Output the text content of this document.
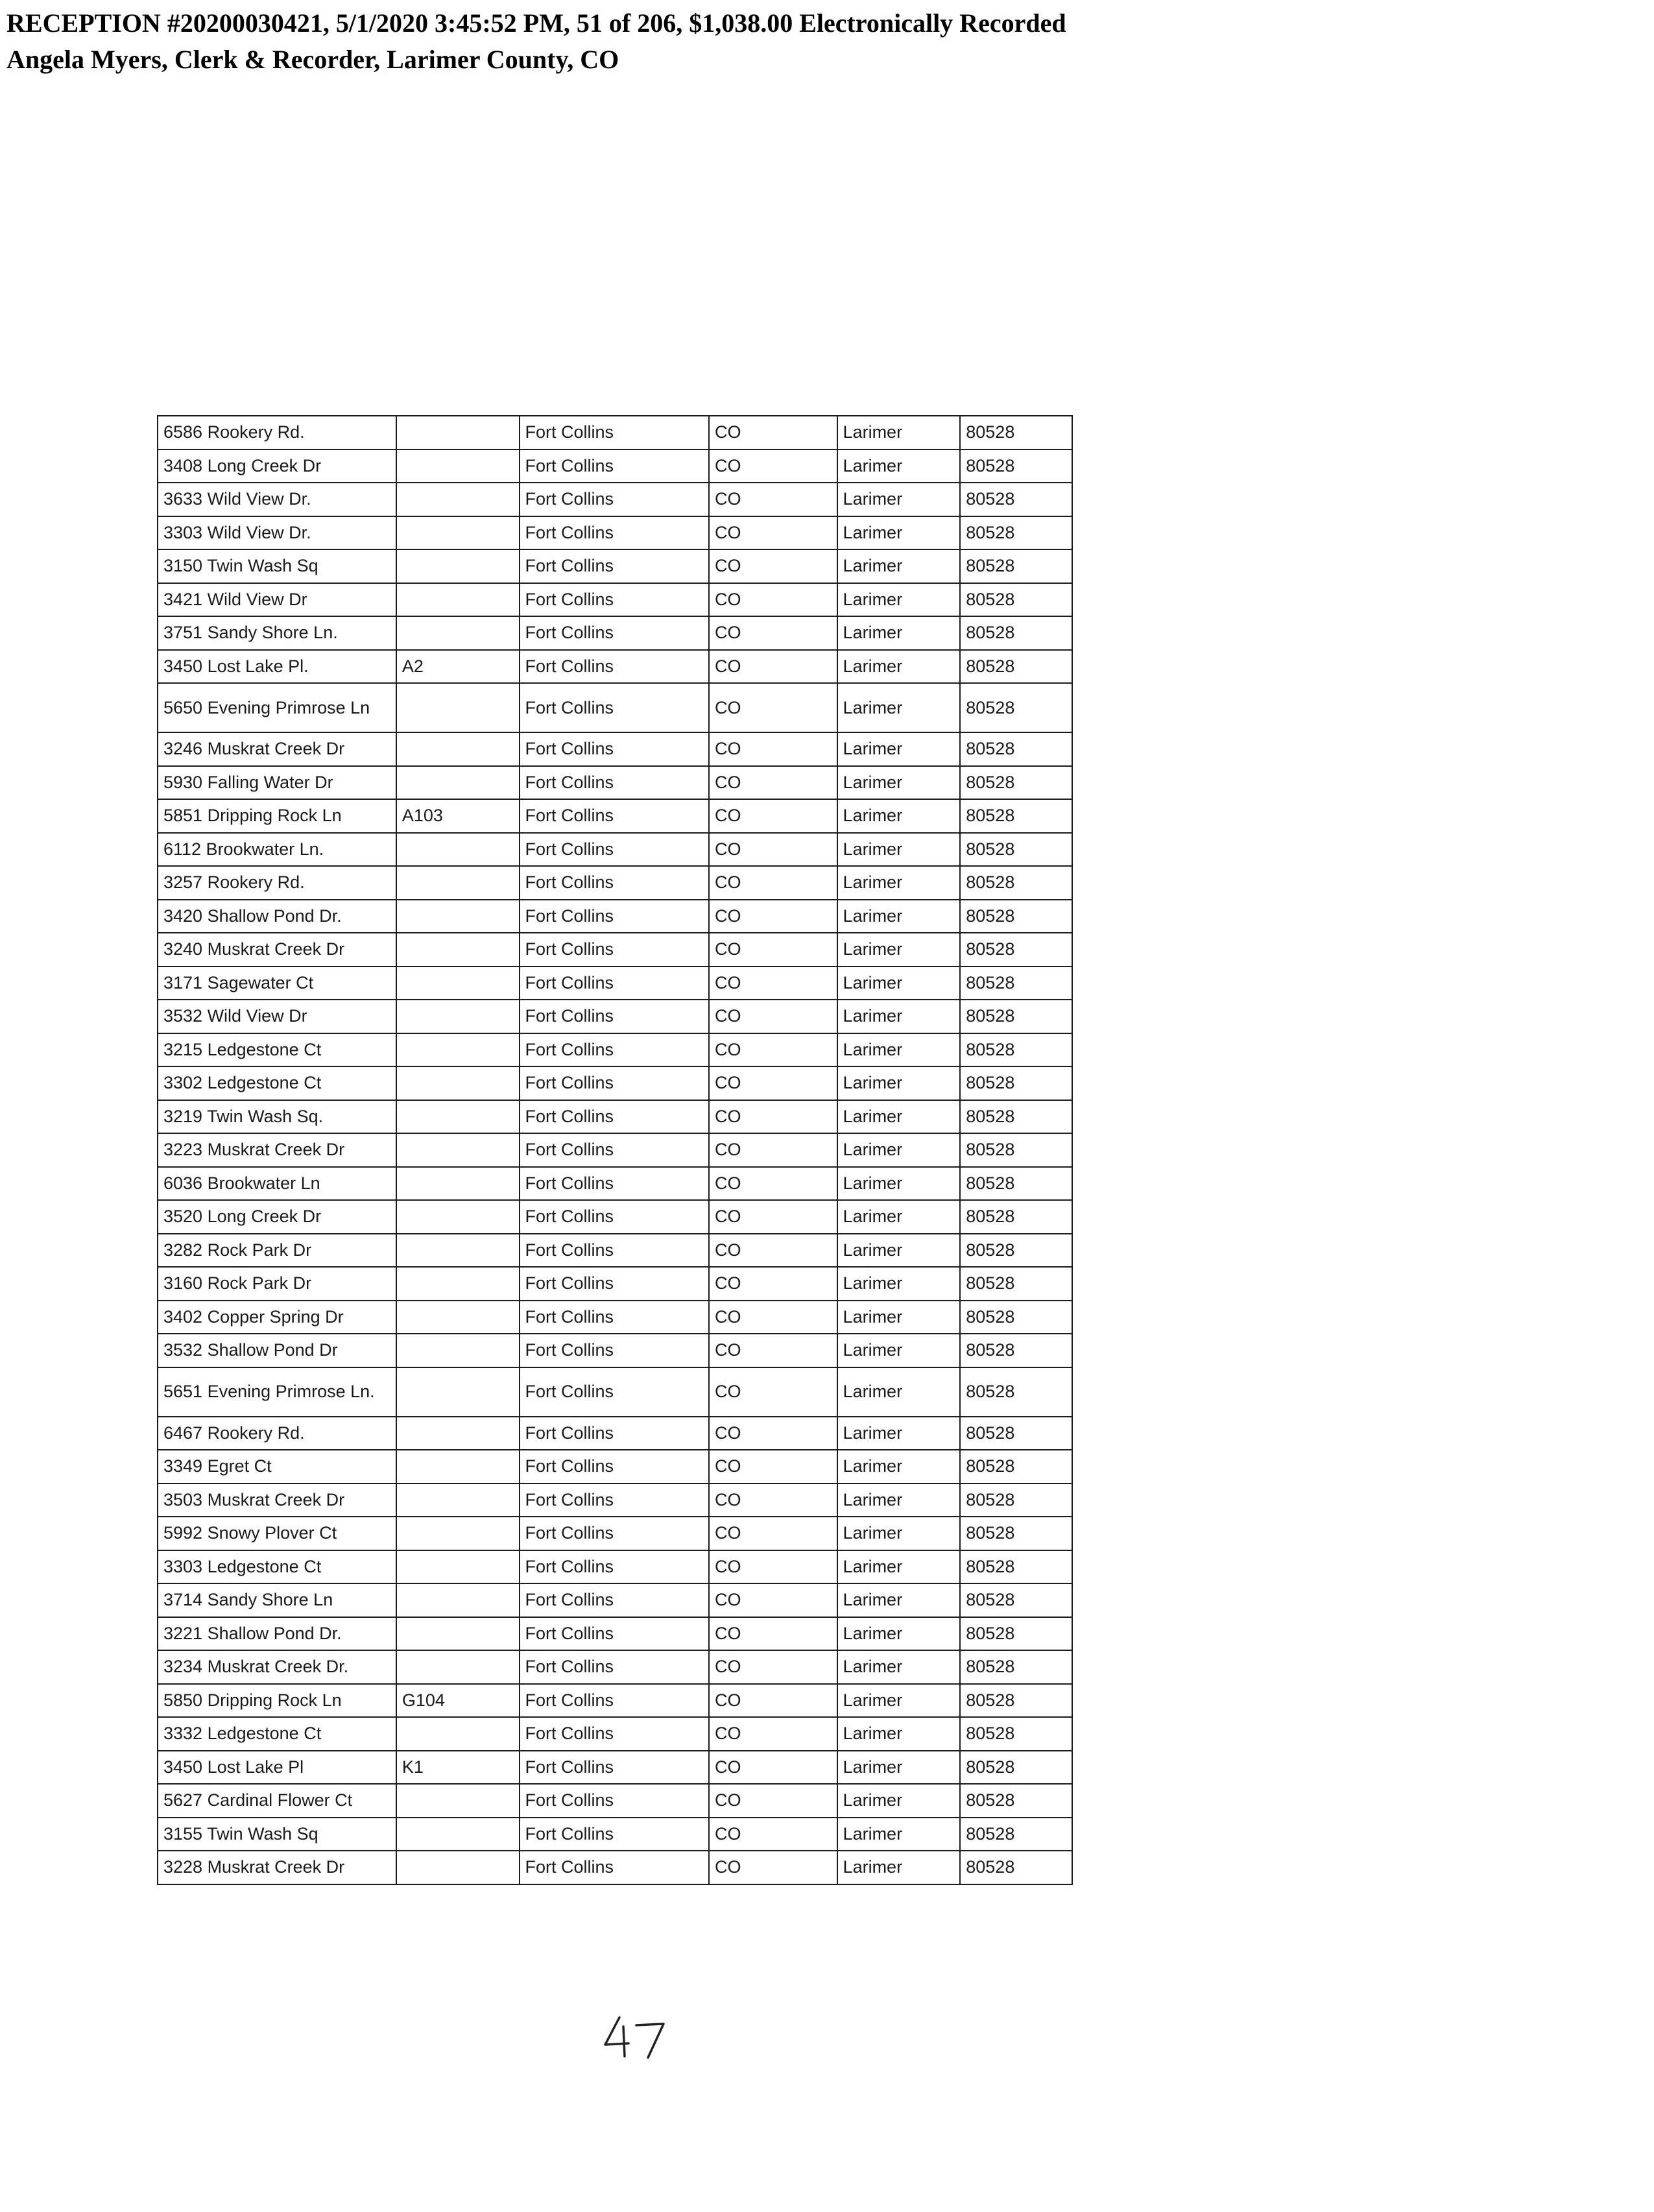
RECEPTION #20200030421, 5/1/2020 3:45:52 PM, 51 of 206, $1,038.00 Electronically Recorded
Angela Myers, Clerk & Recorder, Larimer County, CO
6586 Rookery Rd.		Fort Collins	CO	Larimer	80528
3408 Long Creek Dr		Fort Collins	CO	Larimer	80528
3633 Wild View Dr.		Fort Collins	CO	Larimer	80528
3303 Wild View Dr.		Fort Collins	CO	Larimer	80528
3150 Twin Wash Sq		Fort Collins	CO	Larimer	80528
3421 Wild View Dr		Fort Collins	CO	Larimer	80528
3751 Sandy Shore Ln.		Fort Collins	CO	Larimer	80528
3450 Lost Lake Pl.	A2	Fort Collins	CO	Larimer	80528
5650 Evening Primrose Ln		Fort Collins	CO	Larimer	80528
3246 Muskrat Creek Dr		Fort Collins	CO	Larimer	80528
5930 Falling Water Dr		Fort Collins	CO	Larimer	80528
5851 Dripping Rock Ln	A103	Fort Collins	CO	Larimer	80528
6112 Brookwater Ln.		Fort Collins	CO	Larimer	80528
3257 Rookery Rd.		Fort Collins	CO	Larimer	80528
3420 Shallow Pond Dr.		Fort Collins	CO	Larimer	80528
3240 Muskrat Creek Dr		Fort Collins	CO	Larimer	80528
3171 Sagewater Ct		Fort Collins	CO	Larimer	80528
3532 Wild View Dr		Fort Collins	CO	Larimer	80528
3215 Ledgestone Ct		Fort Collins	CO	Larimer	80528
3302 Ledgestone Ct		Fort Collins	CO	Larimer	80528
3219 Twin Wash Sq.		Fort Collins	CO	Larimer	80528
3223 Muskrat Creek Dr		Fort Collins	CO	Larimer	80528
6036 Brookwater Ln		Fort Collins	CO	Larimer	80528
3520 Long Creek Dr		Fort Collins	CO	Larimer	80528
3282 Rock Park Dr		Fort Collins	CO	Larimer	80528
3160 Rock Park Dr		Fort Collins	CO	Larimer	80528
3402 Copper Spring Dr		Fort Collins	CO	Larimer	80528
3532 Shallow Pond Dr		Fort Collins	CO	Larimer	80528
5651 Evening Primrose Ln.		Fort Collins	CO	Larimer	80528
6467 Rookery Rd.		Fort Collins	CO	Larimer	80528
3349 Egret Ct		Fort Collins	CO	Larimer	80528
3503 Muskrat Creek Dr		Fort Collins	CO	Larimer	80528
5992 Snowy Plover Ct		Fort Collins	CO	Larimer	80528
3303 Ledgestone Ct		Fort Collins	CO	Larimer	80528
3714 Sandy Shore Ln		Fort Collins	CO	Larimer	80528
3221 Shallow Pond Dr.		Fort Collins	CO	Larimer	80528
3234 Muskrat Creek Dr.		Fort Collins	CO	Larimer	80528
5850 Dripping Rock Ln	G104	Fort Collins	CO	Larimer	80528
3332 Ledgestone Ct		Fort Collins	CO	Larimer	80528
3450 Lost Lake Pl	K1	Fort Collins	CO	Larimer	80528
5627 Cardinal Flower Ct		Fort Collins	CO	Larimer	80528
3155 Twin Wash Sq		Fort Collins	CO	Larimer	80528
3228 Muskrat Creek Dr		Fort Collins	CO	Larimer	80528
